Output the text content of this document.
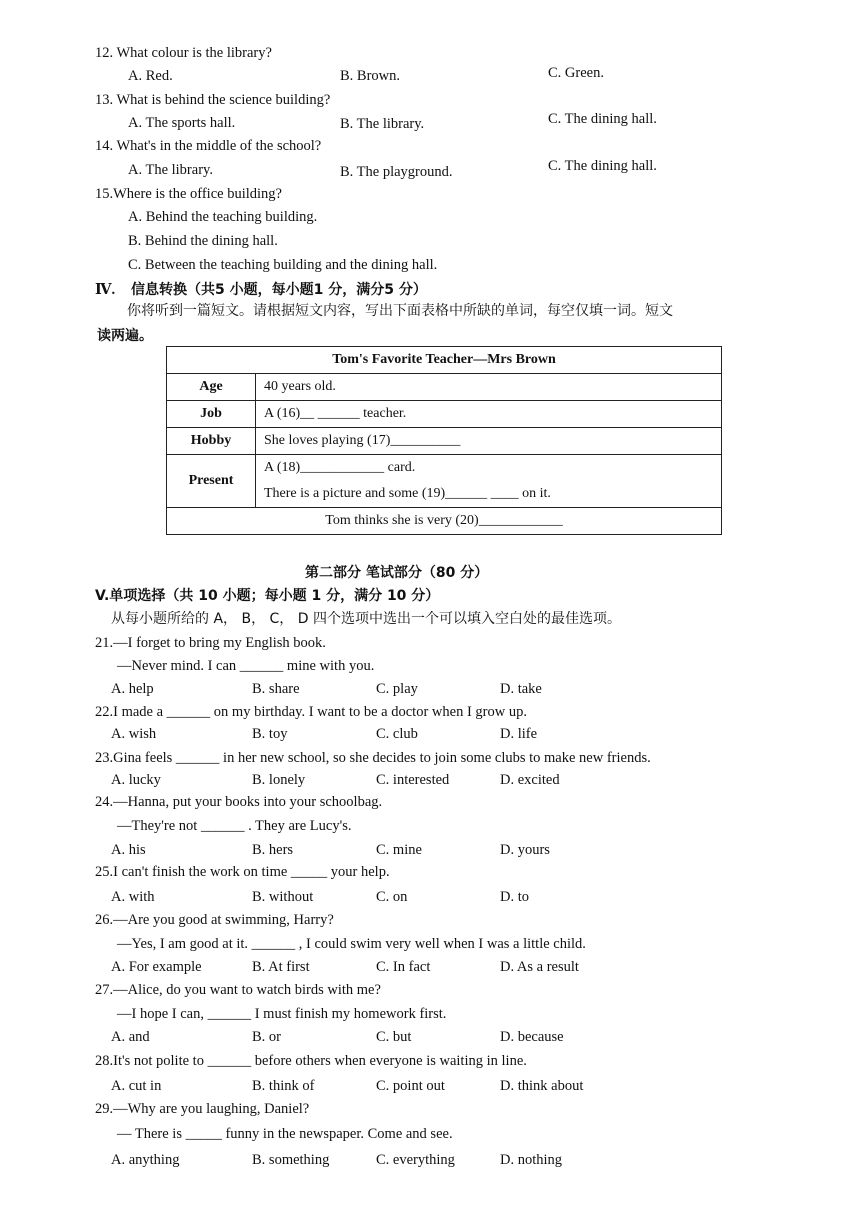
12. What colour is the library?
A. Red.	B. Brown.	C. Green.
13. What is behind the science building?
A. The sports hall.	B. The library.	C. The dining hall.
14. What's in the middle of the school?
A. The library.	B. The playground.	C. The dining hall.
15.Where is the office building?
A. Behind the teaching building.
B. Behind the dining hall.
C. Between the teaching building and the dining hall.
Ⅳ. 信息转换（共5 小题，每小题1 分，满分5 分）
你将听到一篇短文。请根据短文内容，写出下面表格中所缺的单词，每空仅填一词。短文
读两遍。
Tom's Favorite Teacher—Mrs Brown	
Age	40 years old.
Job	A (16)__ ______ teacher.
Hobby	She loves playing (17)__________
Present	A (18)____________ card.
There is a picture and some (19)______ ____ on it.

Tom thinks she is very (20)____________	
第二部分 笔试部分（80 分）
V.单项选择（共 10 小题；每小题 1 分，满分 10 分）
从每小题所给的 A， B， C， D 四个选项中选出一个可以填入空白处的最佳选项。
21.—I forget to bring my English book.
—Never mind. I can ______ mine with you.
A. help	B. share	C. play	D. take
22.I made a ______ on my birthday. I want to be a doctor when I grow up.
A. wish	B. toy	C. club	D. life
23.Gina feels ______ in her new school, so she decides to join some clubs to make new friends.
A. lucky	B. lonely	C. interested	D. excited
24.—Hanna, put your books into your schoolbag.
—They're not ______ . They are Lucy's.
A. his	B. hers	C. mine	D. yours
25.I can't finish the work on time _____ your help.
A. with	B. without	C. on	D. to
26.—Are you good at swimming, Harry?
—Yes, I am good at it. ______ , I could swim very well when I was a little child.
A. For example	B. At first	C. In fact	D. As a result
27.—Alice, do you want to watch birds with me?
—I hope I can, ______ I must finish my homework first.
A. and	B. or	C. but	D. because
28.It's not polite to ______ before others when everyone is waiting in line.
A. cut in	B. think of	C. point out	D. think about
29.—Why are you laughing, Daniel?
— There is _____ funny in the newspaper. Come and see.
A. anything	B. something	C. everything	D. nothing
